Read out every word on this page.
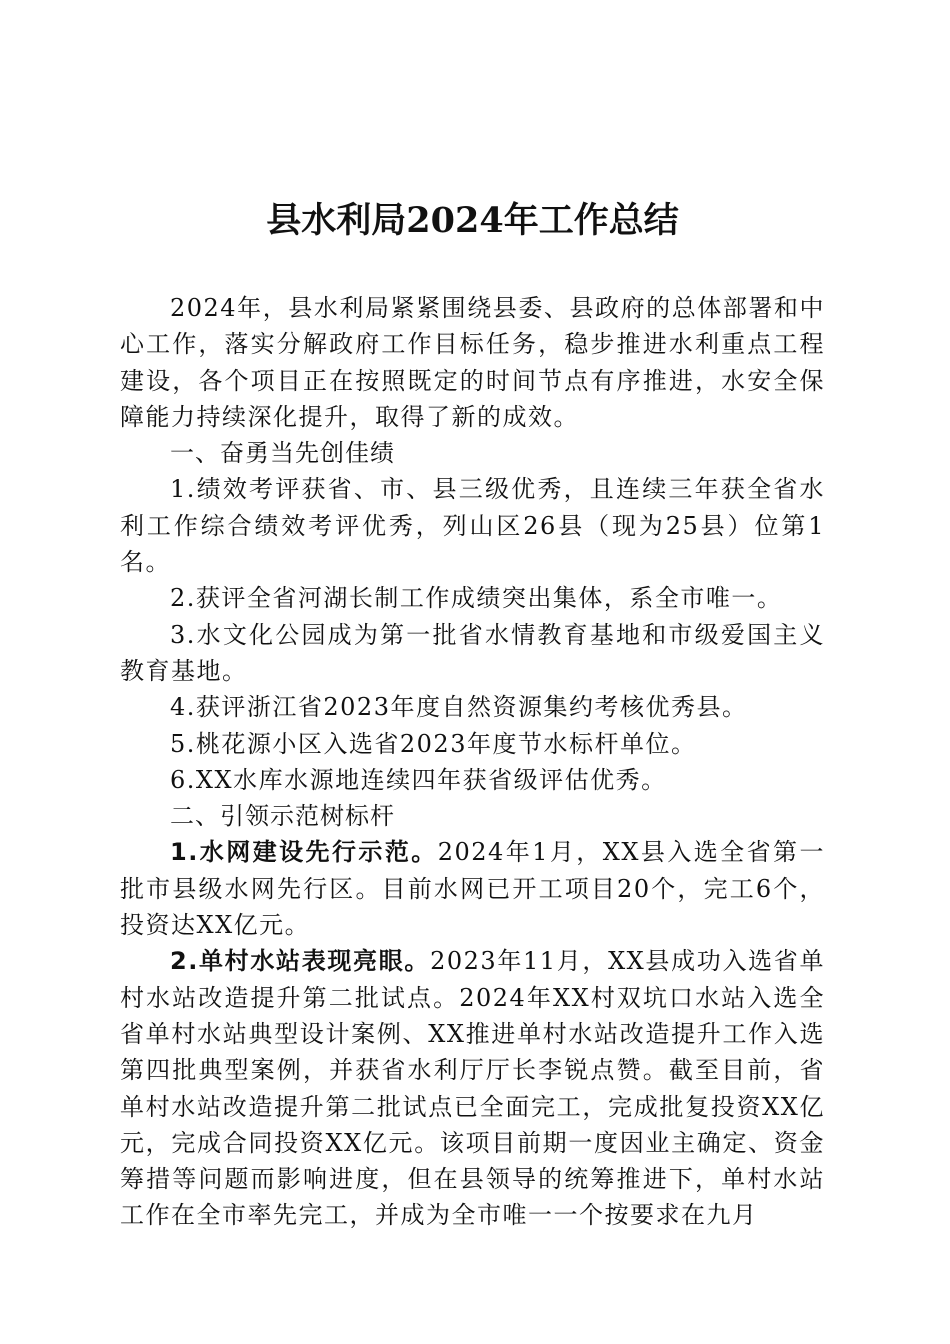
县水利局2024年工作总结

2024年，县水利局紧紧围绕县委、县政府的总体部署和中心工作，落实分解政府工作目标任务，稳步推进水利重点工程建设，各个项目正在按照既定的时间节点有序推进，水安全保障能力持续深化提升，取得了新的成效。

一、奋勇当先创佳绩

1.绩效考评获省、市、县三级优秀，且连续三年获全省水利工作综合绩效考评优秀，列山区26县（现为25县）位第1名。

2.获评全省河湖长制工作成绩突出集体，系全市唯一。

3.水文化公园成为第一批省水情教育基地和市级爱国主义教育基地。

4.获评浙江省2023年度自然资源集约考核优秀县。

5.桃花源小区入选省2023年度节水标杆单位。

6.XX水库水源地连续四年获省级评估优秀。

二、引领示范树标杆

1.水网建设先行示范。2024年1月，XX县入选全省第一批市县级水网先行区。目前水网已开工项目20个，完工6个，投资达XX亿元。

2.单村水站表现亮眼。2023年11月，XX县成功入选省单村水站改造提升第二批试点。2024年XX村双坑口水站入选全省单村水站典型设计案例、XX推进单村水站改造提升工作入选第四批典型案例，并获省水利厅厅长李锐点赞。截至目前，省单村水站改造提升第二批试点已全面完工，完成批复投资XX亿元，完成合同投资XX亿元。该项目前期一度因业主确定、资金筹措等问题而影响进度，但在县领导的统筹推进下，单村水站工作在全市率先完工，并成为全市唯一一个按要求在九月
